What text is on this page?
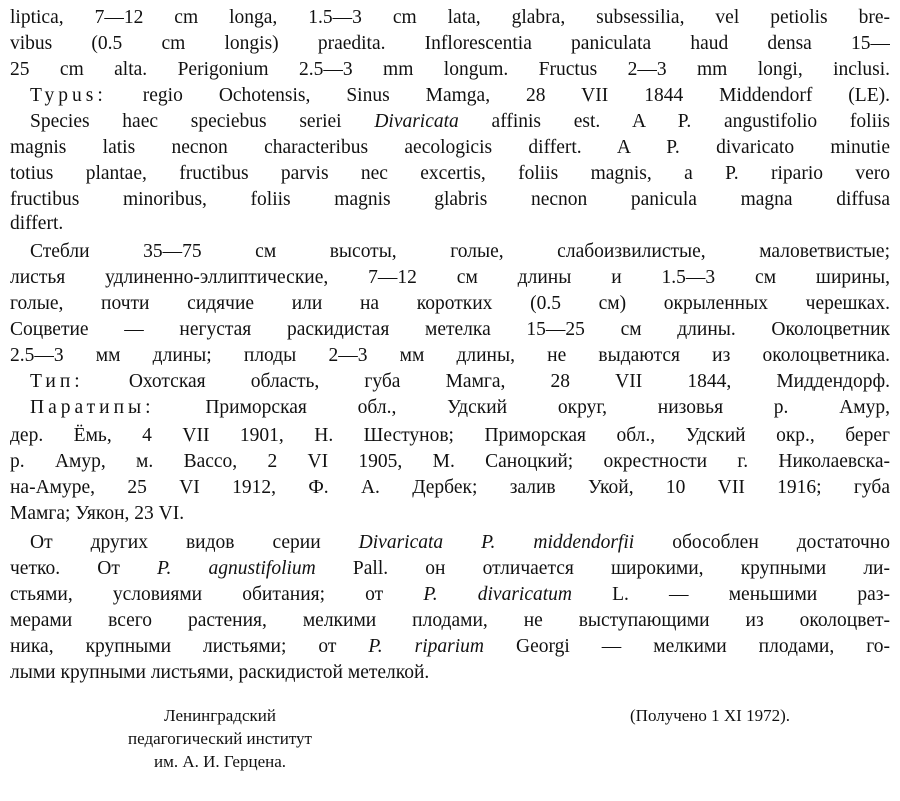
liptica, 7—12 cm longa, 1.5—3 cm lata, glabra, subsessilia, vel petiolis bre-
vibus (0.5 cm longis) praedita. Inflorescentia paniculata haud densa 15—
25 cm alta. Perigonium 2.5—3 mm longum. Fructus 2—3 mm longi, inclusi.
Typus: regio Ochotensis, Sinus Mamga, 28 VII 1844 Middendorf (LE).
Species haec speciebus seriei Divaricata affinis est. A P. angustifolio foliis
magnis latis necnon characteribus aecologicis differt. A P. divaricato minutie
totius plantae, fructibus parvis nec excertis, foliis magnis, a P. ripario vero
fructibus minoribus, foliis magnis glabris necnon panicula magna diffusa
differt.
Стебли 35—75 см высоты, голые, слабоизвилистые, маловетвистые;
листья удлиненно-эллиптические, 7—12 см длины и 1.5—3 см ширины,
голые, почти сидячие или на коротких (0.5 см) окрыленных черешках.
Соцветие — негустая раскидистая метелка 15—25 см длины. Околоцветник
2.5—3 мм длины; плоды 2—3 мм длины, не выдаются из околоцветника.
Тип: Охотская область, губа Мамга, 28 VII 1844, Миддендорф.
Паратипы: Приморская обл., Удский округ, низовья р. Амур,
дер. Ёмь, 4 VII 1901, Н. Шестунов; Приморская обл., Удский окр., берег
р. Амур, м. Вассо, 2 VI 1905, М. Саноцкий; окрестности г. Николаевска-
на-Амуре, 25 VI 1912, Ф. А. Дербек; залив Укой, 10 VII 1916; губа
Мамга; Уякон, 23 VI.
От других видов серии Divaricata P. middendorfii обособлен достаточно
четко. От P. agnustifolium Pall. он отличается широкими, крупными ли-
стьями, условиями обитания; от P. divaricatum L. — меньшими раз-
мерами всего растения, мелкими плодами, не выступающими из околоцвет-
ника, крупными листьями; от P. riparium Georgi — мелкими плодами, го-
лыми крупными листьями, раскидистой метелкой.
Ленинградский
педагогический институт
им. А. И. Герцена.
(Получено 1 XI 1972).
